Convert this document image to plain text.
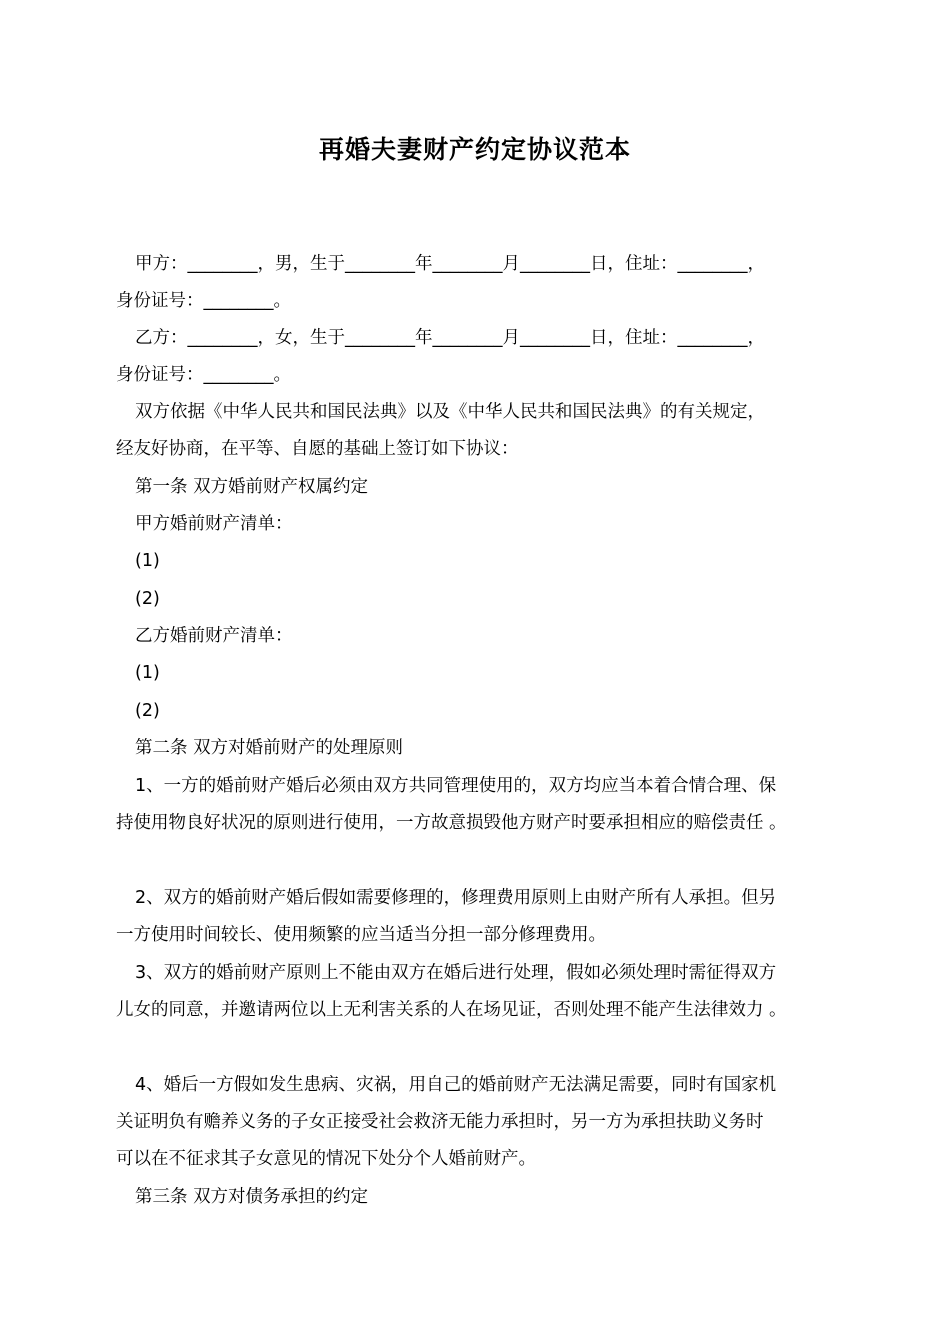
再婚夫妻财产约定协议范本
甲方：________，男，生于________年________月________日，住址：________，
身份证号：________。
乙方：________，女，生于________年________月________日，住址：________，
身份证号：________。
双方依据《中华人民共和国民法典》以及《中华人民共和国民法典》的有关规定，
经友好协商，在平等、自愿的基础上签订如下协议：
第一条 双方婚前财产权属约定
甲方婚前财产清单：
(1)
(2)
乙方婚前财产清单：
(1)
(2)
第二条 双方对婚前财产的处理原则
1、一方的婚前财产婚后必须由双方共同管理使用的，双方均应当本着合情合理、保
持使用物良好状况的原则进行使用，一方故意损毁他方财产时要承担相应的赔偿责任 。
2、双方的婚前财产婚后假如需要修理的，修理费用原则上由财产所有人承担。但另
一方使用时间较长、使用频繁的应当适当分担一部分修理费用。
3、双方的婚前财产原则上不能由双方在婚后进行处理，假如必须处理时需征得双方
儿女的同意，并邀请两位以上无利害关系的人在场见证，否则处理不能产生法律效力 。
4、婚后一方假如发生患病、灾祸，用自己的婚前财产无法满足需要，同时有国家机
关证明负有赡养义务的子女正接受社会救济无能力承担时，另一方为承担扶助义务时
可以在不征求其子女意见的情况下处分个人婚前财产。
第三条 双方对债务承担的约定
